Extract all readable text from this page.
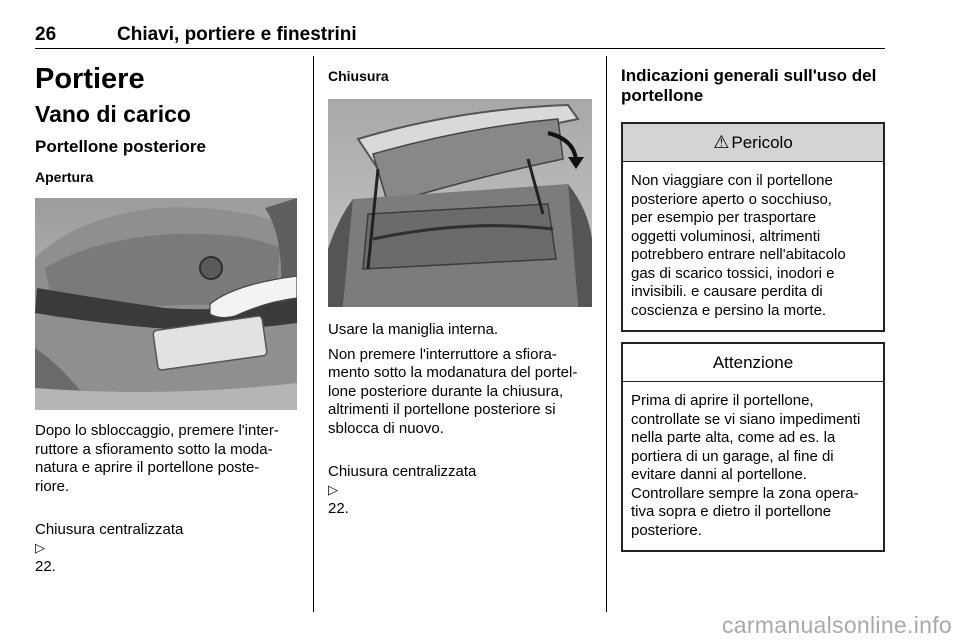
26	Chiavi, portiere e finestrini
Portiere
Vano di carico
Portellone posteriore
Apertura
Dopo lo sbloccaggio, premere l'inter-
ruttore a sfioramento sotto la moda-
natura e aprire il portellone poste-
riore.

Chiusura centralizzata
▷
22.

Chiusura
Usare la maniglia interna.
Non premere l'interruttore a sfiora-
mento sotto la modanatura del portel-
lone posteriore durante la chiusura,
altrimenti il portellone posteriore si
sblocca di nuovo.

Chiusura centralizzata
▷
22.

Indicazioni generali sull'uso del
portellone
⚠ Pericolo
Non viaggiare con il portellone
posteriore aperto o socchiuso,
per esempio per trasportare
oggetti voluminosi, altrimenti
potrebbero entrare nell'abitacolo
gas di scarico tossici, inodori e
invisibili. e causare perdita di
coscienza e persino la morte.
Attenzione
Prima di aprire il portellone,
controllate se vi siano impedimenti
nella parte alta, come ad es. la
portiera di un garage, al fine di
evitare danni al portellone.
Controllare sempre la zona opera-
tiva sopra e dietro il portellone
posteriore.
carmanualsonline.info
